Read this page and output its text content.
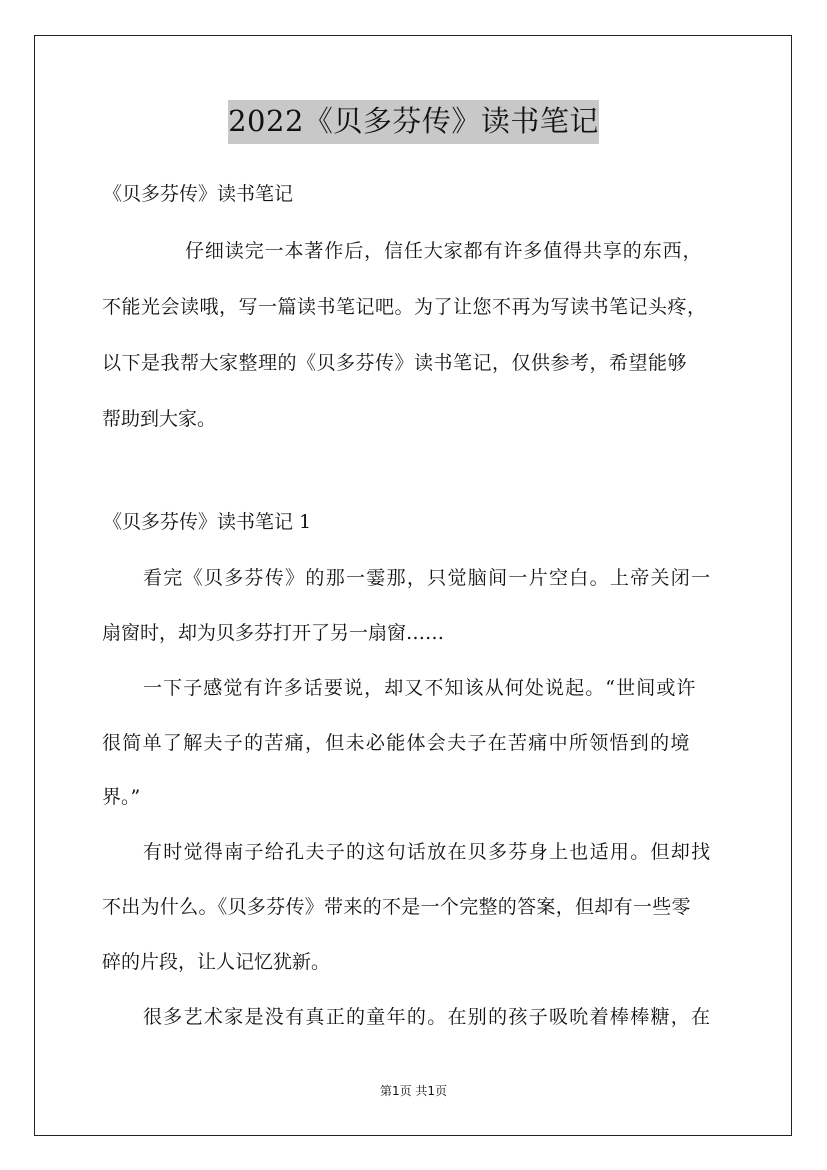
2022《贝多芬传》读书笔记
《贝多芬传》读书笔记
仔细读完一本著作后，信任大家都有许多值得共享的东西，
不能光会读哦，写一篇读书笔记吧。为了让您不再为写读书笔记头疼，
以下是我帮大家整理的《贝多芬传》读书笔记，仅供参考，希望能够
帮助到大家。
《贝多芬传》读书笔记 1
看完《贝多芬传》的那一霎那，只觉脑间一片空白。上帝关闭一
扇窗时，却为贝多芬打开了另一扇窗……
一下子感觉有许多话要说，却又不知该从何处说起。“世间或许
很简单了解夫子的苦痛，但未必能体会夫子在苦痛中所领悟到的境
界。”
有时觉得南子给孔夫子的这句话放在贝多芬身上也适用。但却找
不出为什么。《贝多芬传》带来的不是一个完整的答案，但却有一些零
碎的片段，让人记忆犹新。
很多艺术家是没有真正的童年的。在别的孩子吸吮着棒棒糖，在
第1页 共1页
